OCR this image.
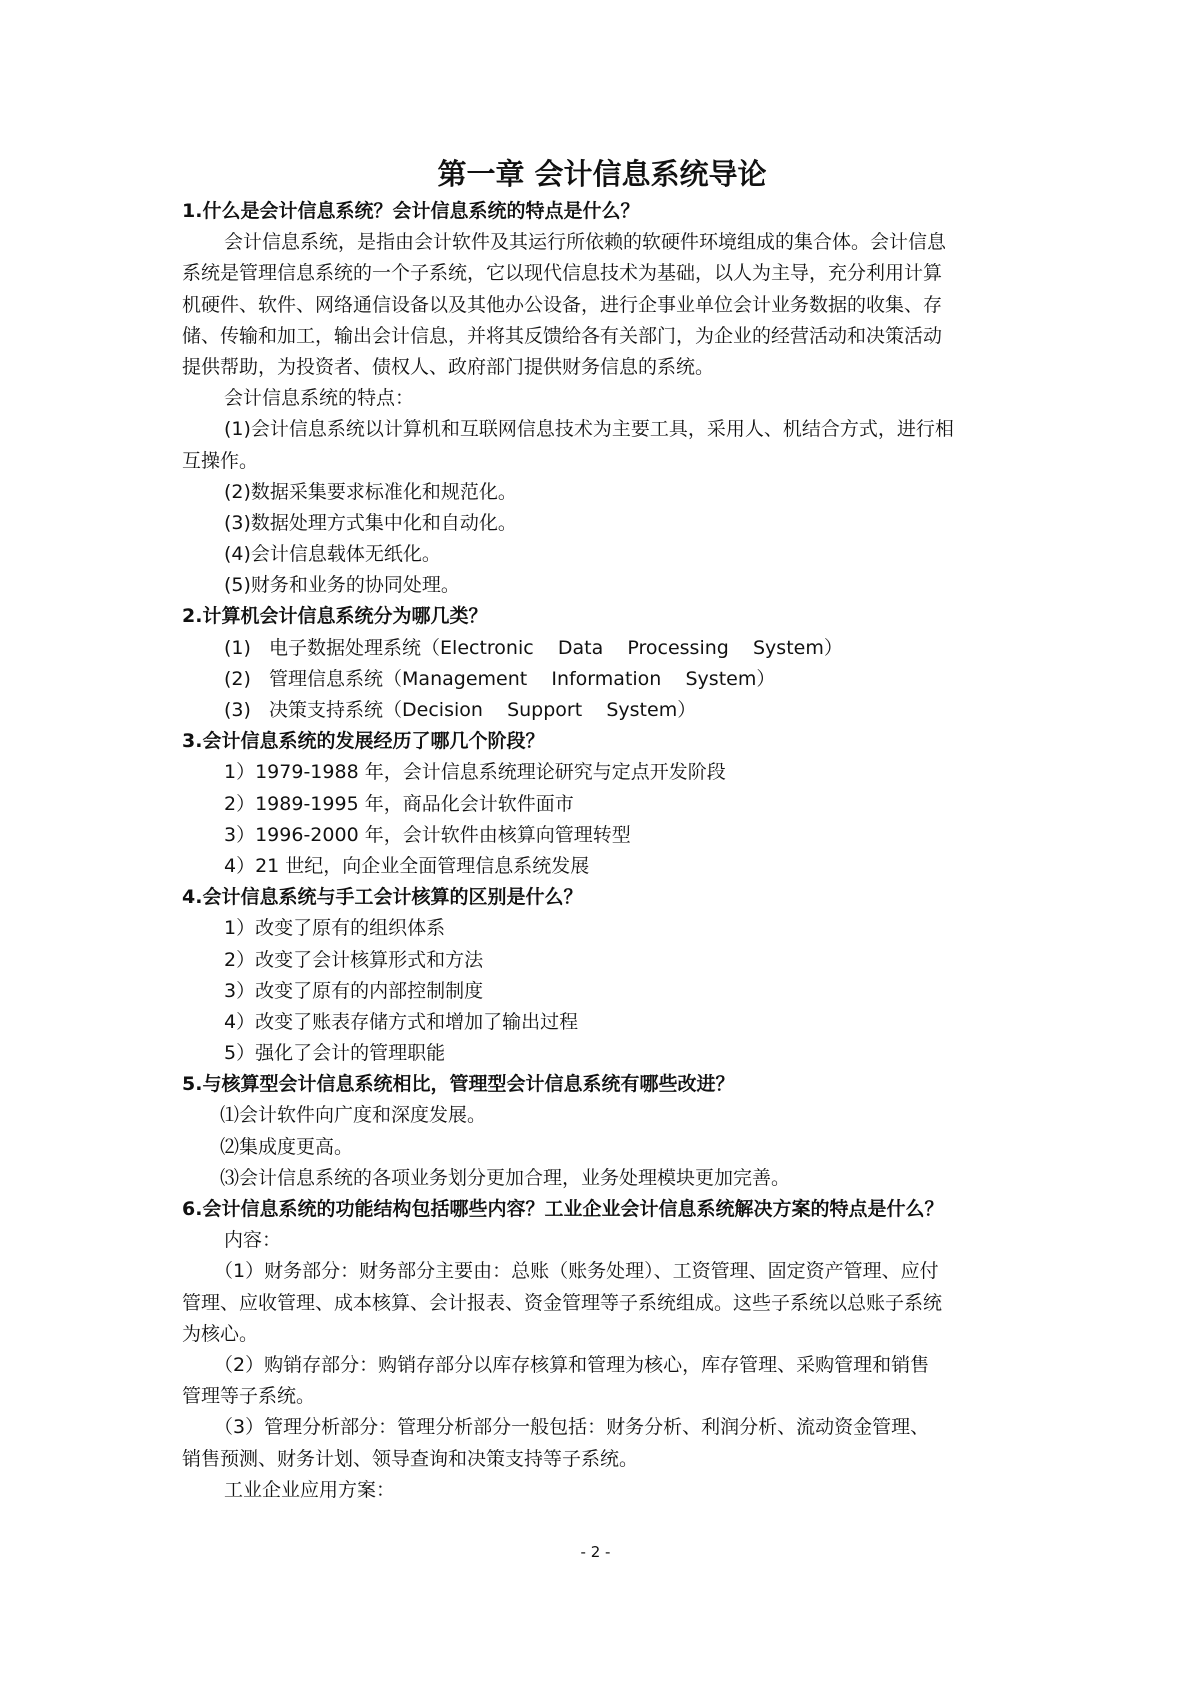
第一章 会计信息系统导论
1.什么是会计信息系统？会计信息系统的特点是什么？
会计信息系统，是指由会计软件及其运行所依赖的软硬件环境组成的集合体。会计信息
系统是管理信息系统的一个子系统，它以现代信息技术为基础，以人为主导，充分利用计算
机硬件、软件、网络通信设备以及其他办公设备，进行企事业单位会计业务数据的收集、存
储、传输和加工，输出会计信息，并将其反馈给各有关部门，为企业的经营活动和决策活动
提供帮助，为投资者、债权人、政府部门提供财务信息的系统。
会计信息系统的特点：
(1)会计信息系统以计算机和互联网信息技术为主要工具，采用人、机结合方式，进行相
互操作。
(2)数据采集要求标准化和规范化。
(3)数据处理方式集中化和自动化。
(4)会计信息载体无纸化。
(5)财务和业务的协同处理。
2.计算机会计信息系统分为哪几类？
(1)   电子数据处理系统（Electronic    Data    Processing    System）
(2)   管理信息系统（Management    Information    System）
(3)   决策支持系统（Decision    Support    System）
3.会计信息系统的发展经历了哪几个阶段？
1）1979-1988 年，会计信息系统理论研究与定点开发阶段
2）1989-1995 年，商品化会计软件面市
3）1996-2000 年，会计软件由核算向管理转型
4）21 世纪，向企业全面管理信息系统发展
4.会计信息系统与手工会计核算的区别是什么？
1）改变了原有的组织体系
2）改变了会计核算形式和方法
3）改变了原有的内部控制制度
4）改变了账表存储方式和增加了输出过程
5）强化了会计的管理职能
5.与核算型会计信息系统相比，管理型会计信息系统有哪些改进？
⑴会计软件向广度和深度发展。
⑵集成度更高。
⑶会计信息系统的各项业务划分更加合理，业务处理模块更加完善。
6.会计信息系统的功能结构包括哪些内容？工业企业会计信息系统解决方案的特点是什么？
内容：
（1）财务部分：财务部分主要由：总账（账务处理）、工资管理、固定资产管理、应付
管理、应收管理、成本核算、会计报表、资金管理等子系统组成。这些子系统以总账子系统
为核心。
（2）购销存部分：购销存部分以库存核算和管理为核心，库存管理、采购管理和销售
管理等子系统。
（3）管理分析部分：管理分析部分一般包括：财务分析、利润分析、流动资金管理、
销售预测、财务计划、领导查询和决策支持等子系统。
工业企业应用方案：
- 2 -
